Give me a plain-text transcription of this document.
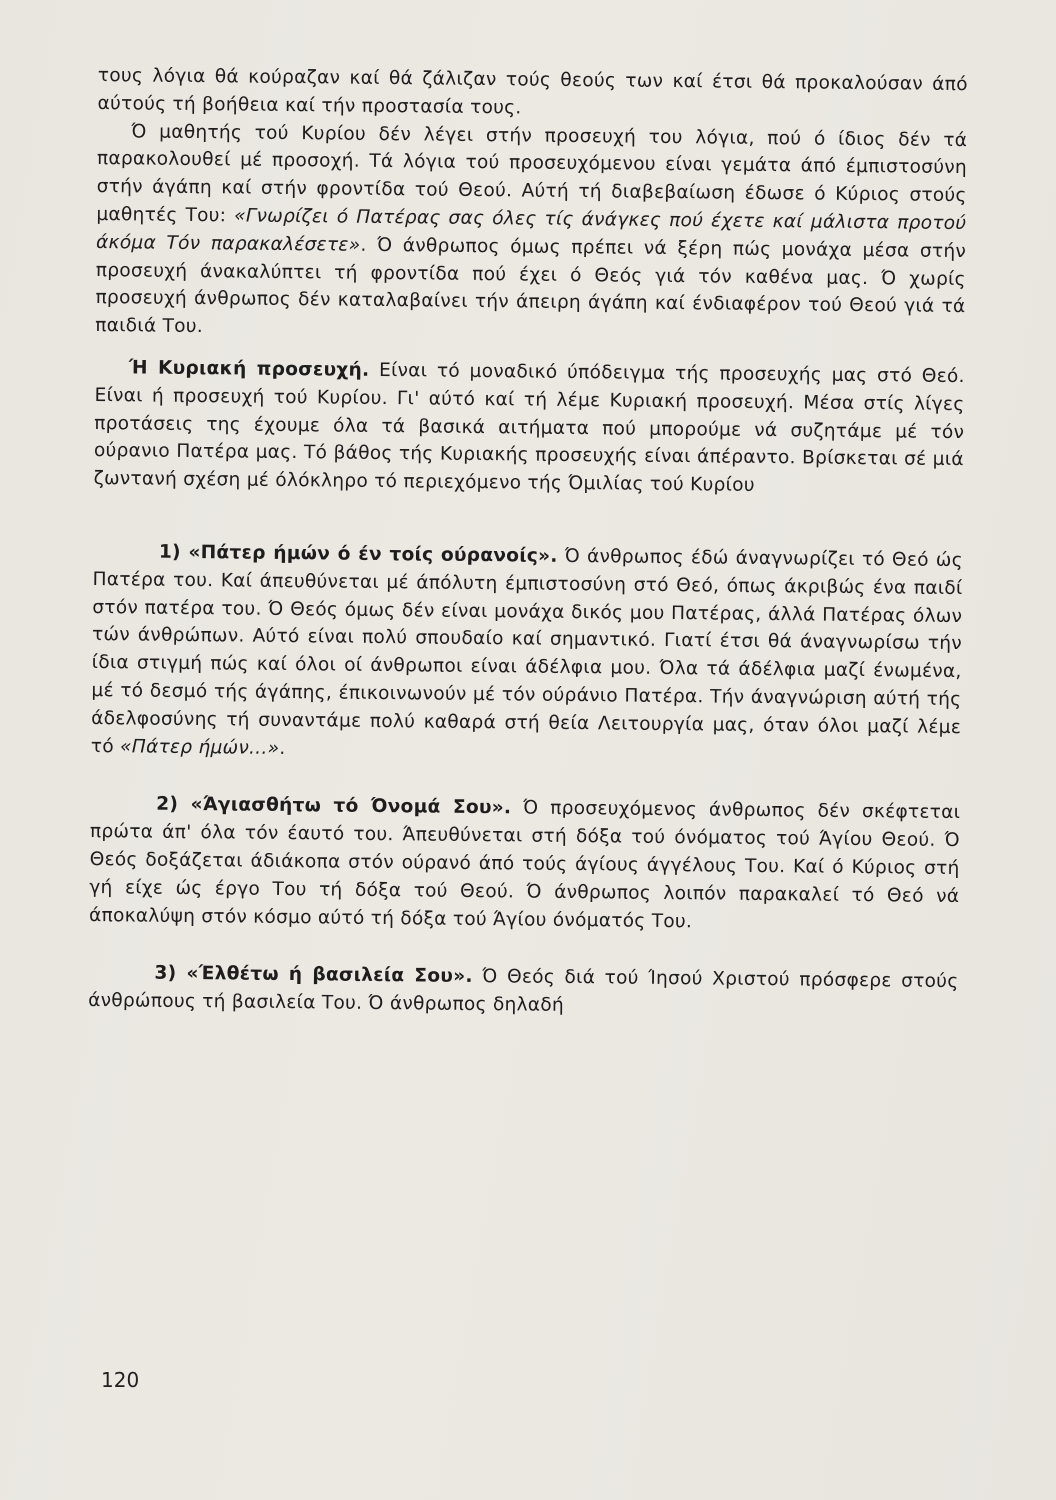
τους λόγια θά κούραζαν καί θά ζάλιζαν τούς θεούς των καί έτσι θά προκαλούσαν άπό αύτούς τή βοήθεια καί τήν προστασία τους.

Ό μαθητής τού Κυρίου δέν λέγει στήν προσευχή του λόγια, πού ό ίδιος δέν τά παρακολουθεί μέ προσοχή. Τά λόγια τού προσευχόμενου είναι γεμάτα άπό έμπιστοσύνη στήν άγάπη καί στήν φροντίδα τού Θεού. Αύτή τή διαβεβαίωση έδωσε ό Κύριος στούς μαθητές Του: «Γνωρίζει ό Πατέρας σας όλες τίς άνάγκες πού έχετε καί μάλιστα προτού άκόμα Τόν παρακαλέσετε». Ό άνθρωπος όμως πρέπει νά ξέρη πώς μονάχα μέσα στήν προσευχή άνακαλύπτει τή φροντίδα πού έχει ό Θεός γιά τόν καθένα μας. Ό χωρίς προσευχή άνθρωπος δέν καταλαβαίνει τήν άπειρη άγάπη καί ένδιαφέρον τού Θεού γιά τά παιδιά Του.

Ή Κυριακή προσευχή. Είναι τό μοναδικό ύπόδειγμα τής προσευχής μας στό Θεό. Είναι ή προσευχή τού Κυρίου. Γι' αύτό καί τή λέμε Κυριακή προσευχή. Μέσα στίς λίγες προτάσεις της έχουμε όλα τά βασικά αιτήματα πού μπορούμε νά συζητάμε μέ τόν ούρανιο Πατέρα μας. Τό βάθος τής Κυριακής προσευχής είναι άπέραντο. Βρίσκεται σέ μιά ζωντανή σχέση μέ όλόκληρο τό περιεχόμενο τής Όμιλίας τού Κυρίου

1) «Πάτερ ήμών ό έν τοίς ούρανοίς». Ό άνθρωπος έδώ άναγνωρίζει τό Θεό ώς Πατέρα του. Καί άπευθύνεται μέ άπόλυτη έμπιστοσύνη στό Θεό, όπως άκριβώς ένα παιδί στόν πατέρα του. Ό Θεός όμως δέν είναι μονάχα δικός μου Πατέρας, άλλά Πατέρας όλων τών άνθρώπων. Αύτό είναι πολύ σπουδαίο καί σημαντικό. Γιατί έτσι θά άναγνωρίσω τήν ίδια στιγμή πώς καί όλοι οί άνθρωποι είναι άδέλφια μου. Όλα τά άδέλφια μαζί ένωμένα, μέ τό δεσμό τής άγάπης, έπικοινωνούν μέ τόν ούράνιο Πατέρα. Τήν άναγνώριση αύτή τής άδελφοσύνης τή συναντάμε πολύ καθαρά στή θεία Λειτουργία μας, όταν όλοι μαζί λέμε τό «Πάτερ ήμών...».

2) «Άγιασθήτω τό Όνομά Σου». Ό προσευχόμενος άνθρωπος δέν σκέφτεται πρώτα άπ' όλα τόν έαυτό του. Άπευθύνεται στή δόξα τού όνόματος τού Άγίου Θεού. Ό Θεός δοξάζεται άδιάκοπα στόν ούρανό άπό τούς άγίους άγγέλους Του. Καί ό Κύριος στή γή είχε ώς έργο Του τή δόξα τού Θεού. Ό άνθρωπος λοιπόν παρακαλεί τό Θεό νά άποκαλύψη στόν κόσμο αύτό τή δόξα τού Άγίου όνόματός Του.

3) «Έλθέτω ή βασιλεία Σου». Ό Θεός διά τού Ίησού Χριστού πρόσφερε στούς άνθρώπους τή βασιλεία Του. Ό άνθρωπος δηλαδή

120
